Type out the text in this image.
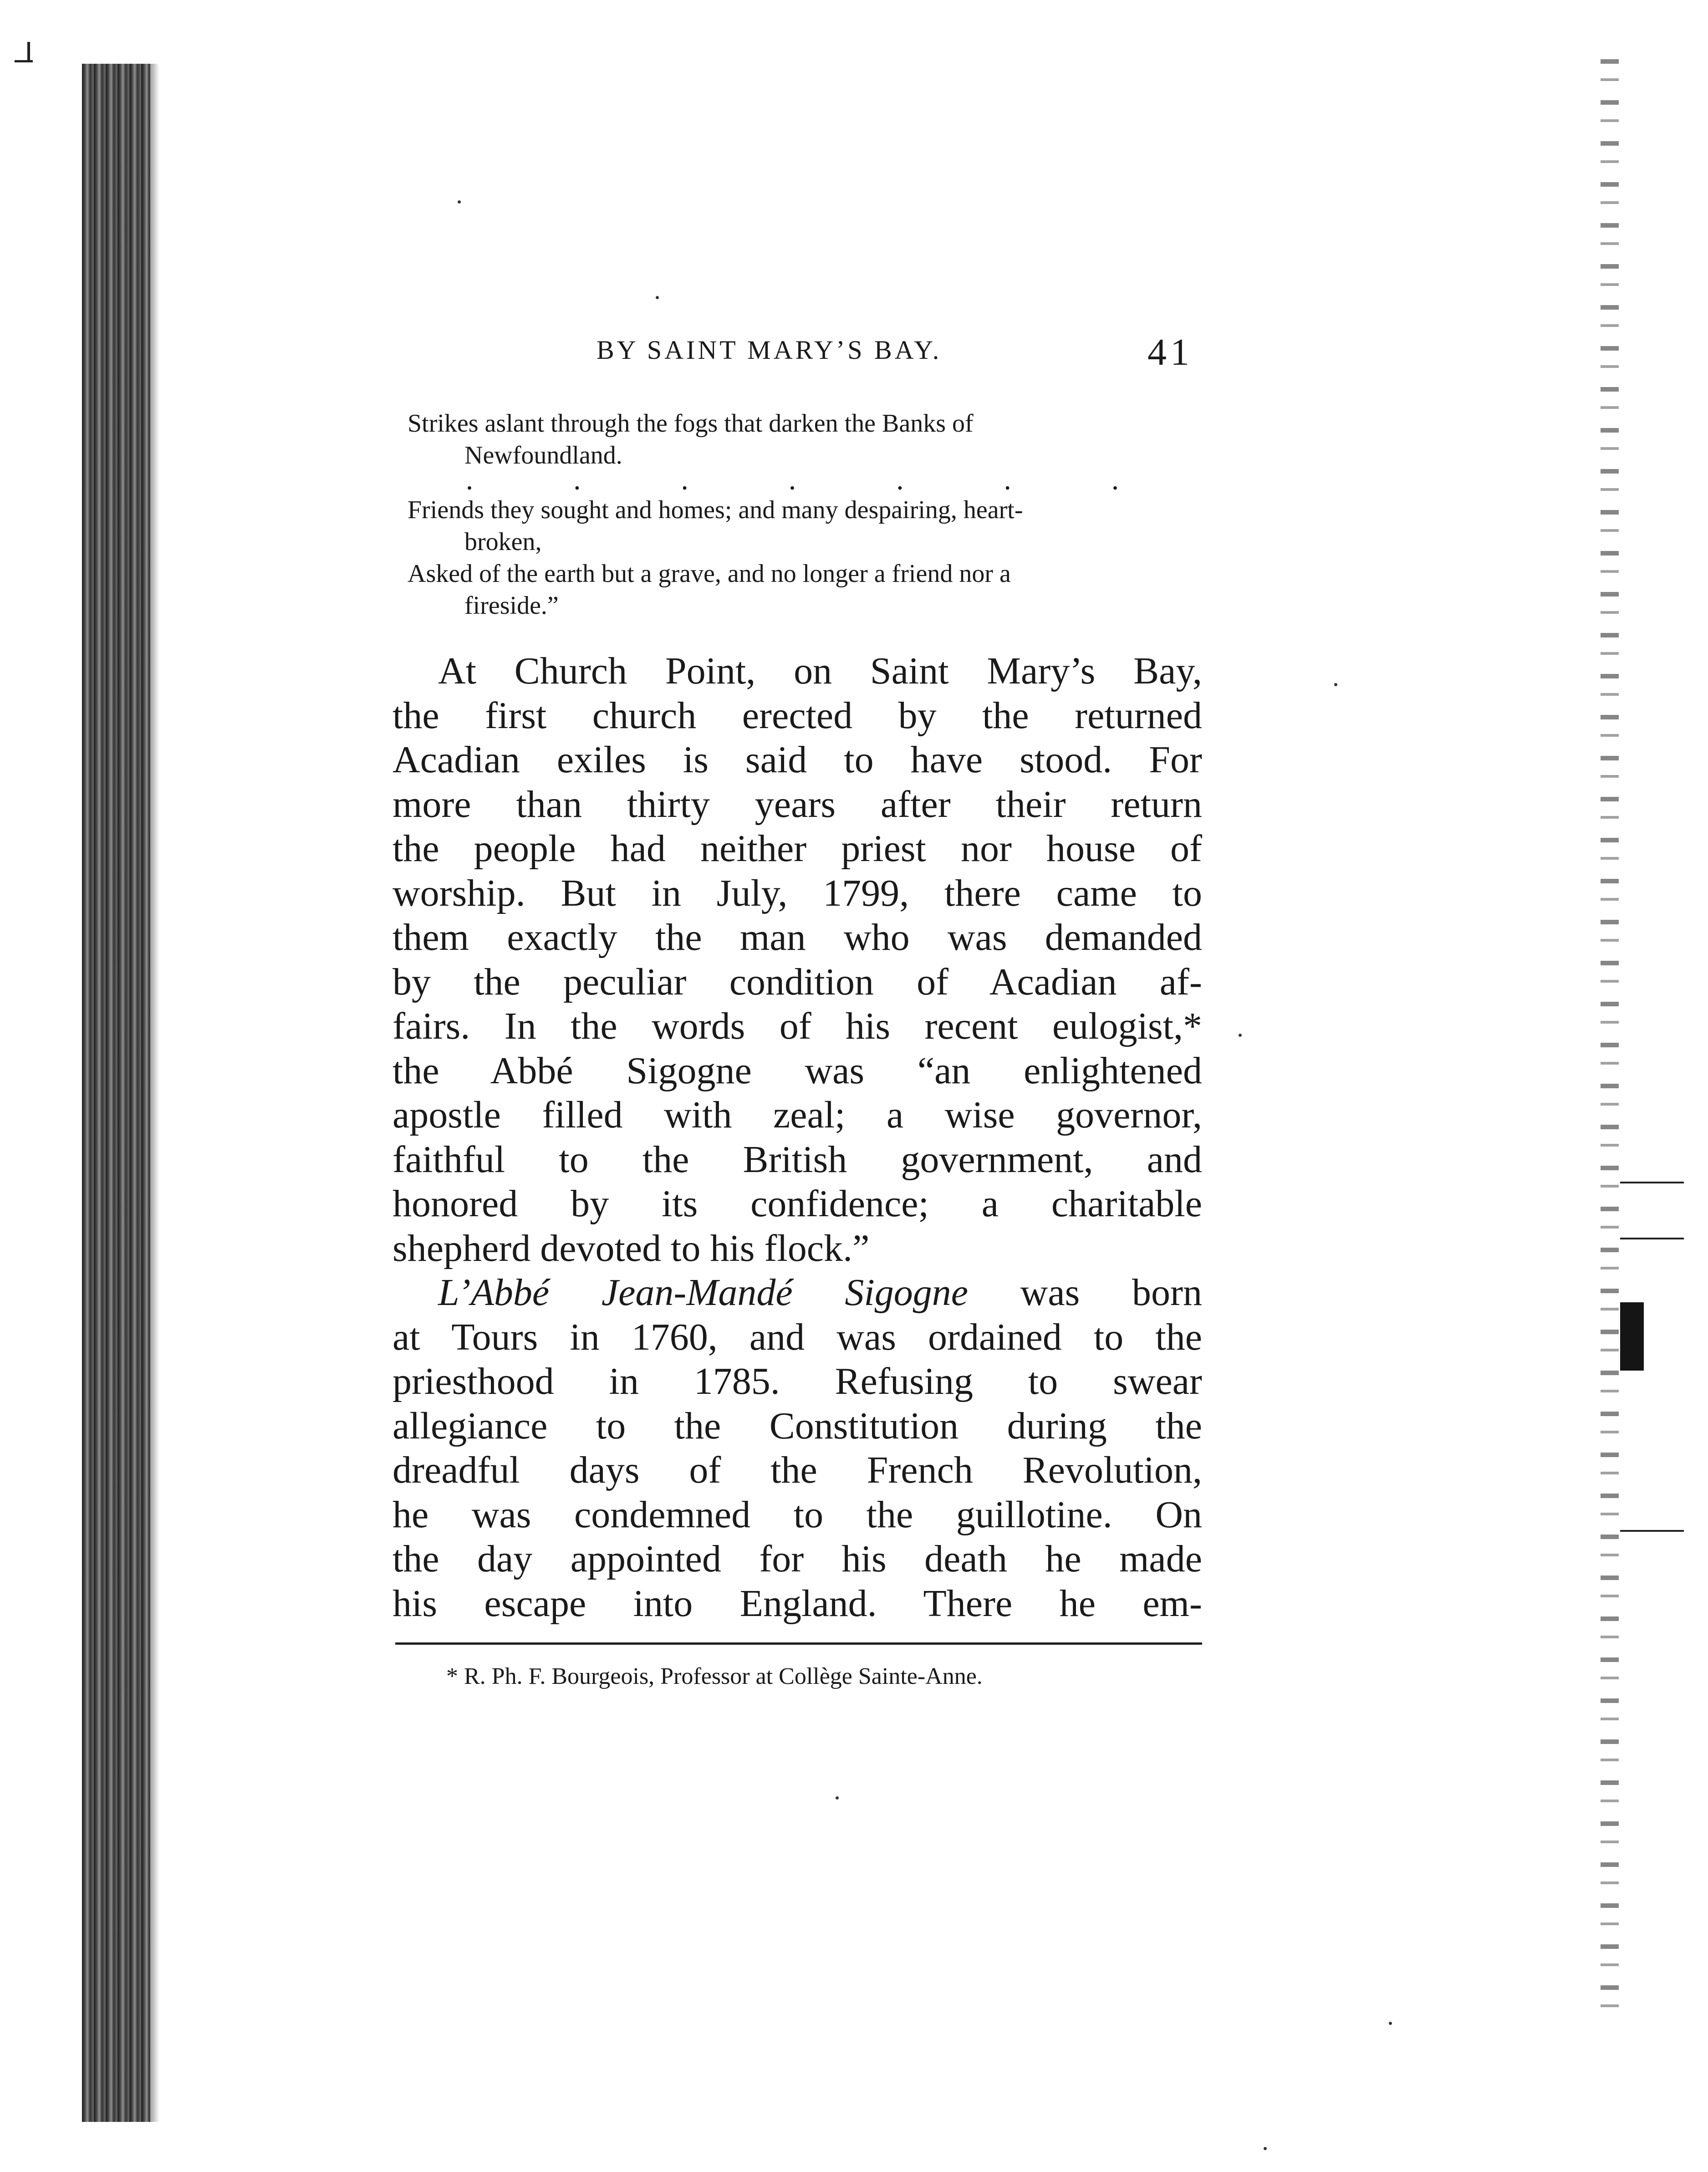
BY SAINT MARY’S BAY.	41
Strikes aslant through the fogs that darken the Banks of
Newfoundland.
.	.	.	.	.	.	.
Friends they sought and homes; and many despairing, heart-
broken,
Asked of the earth but a grave, and no longer a friend nor a
fireside.”
At Church Point, on Saint Mary’s Bay,
the first church erected by the returned
Acadian exiles is said to have stood. For
more than thirty years after their return
the people had neither priest nor house of
worship. But in July, 1799, there came to
them exactly the man who was demanded
by the peculiar condition of Acadian af-
fairs. In the words of his recent eulogist,*
the Abbé Sigogne was “an enlightened
apostle filled with zeal; a wise governor,
faithful to the British government, and
honored by its confidence; a charitable
shepherd devoted to his flock.”
L’Abbé Jean-Mandé Sigogne was born
at Tours in 1760, and was ordained to the
priesthood in 1785. Refusing to swear
allegiance to the Constitution during the
dreadful days of the French Revolution,
he was condemned to the guillotine. On
the day appointed for his death he made
his escape into England. There he em-
* R. Ph. F. Bourgeois, Professor at Collège Sainte-Anne.
